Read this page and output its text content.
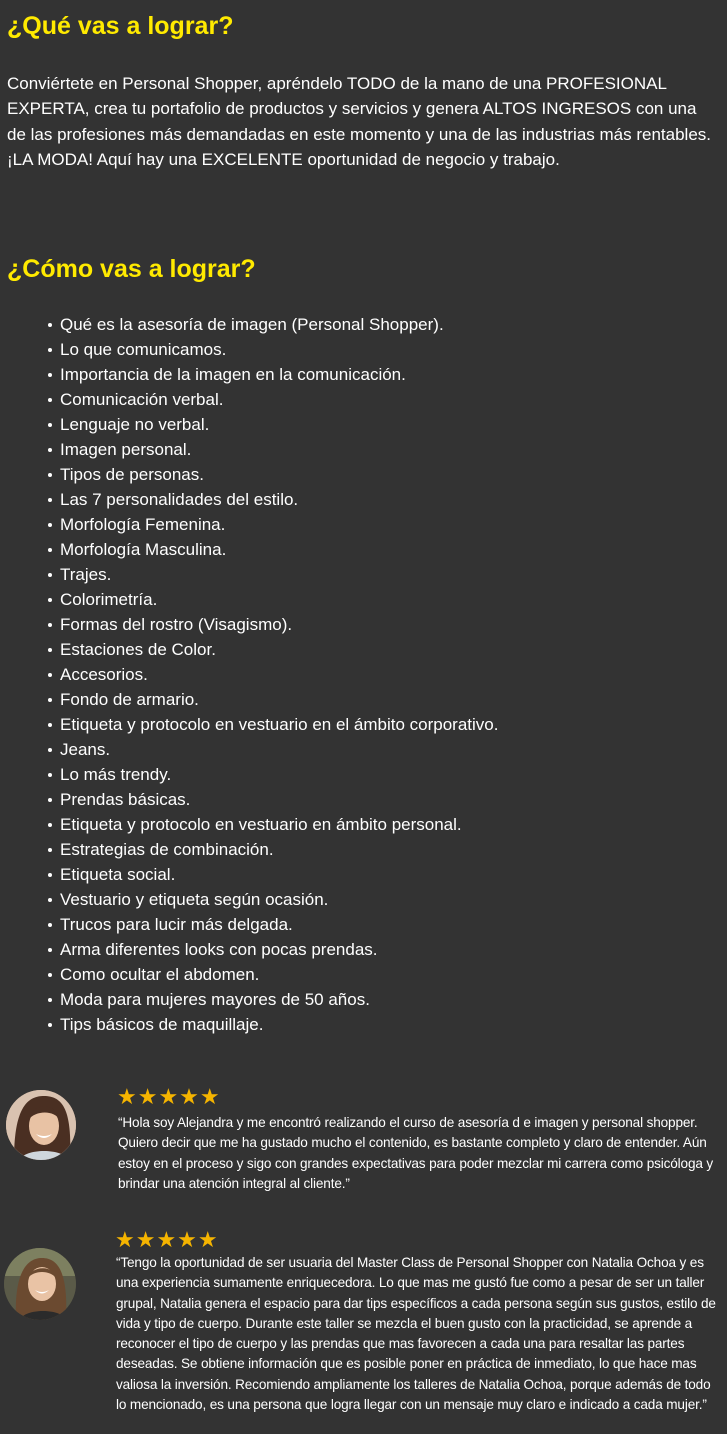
¿Qué vas a lograr?

Conviértete en Personal Shopper, apréndelo TODO de la mano de una PROFESIONAL EXPERTA, crea tu portafolio de productos y servicios y genera ALTOS INGRESOS con una de las profesiones más demandadas en este momento y una de las industrias más rentables. ¡LA MODA! Aquí hay una EXCELENTE oportunidad de negocio y trabajo.

¿Cómo vas a lograr?
Qué es la asesoría de imagen (Personal Shopper).
Lo que comunicamos.
Importancia de la imagen en la comunicación.
Comunicación verbal.
Lenguaje no verbal.
Imagen personal.
Tipos de personas.
Las 7 personalidades del estilo.
Morfología Femenina.
Morfología Masculina.
Trajes.
Colorimetría.
Formas del rostro (Visagismo).
Estaciones de Color.
Accesorios.
Fondo de armario.
Etiqueta y protocolo en vestuario en el ámbito corporativo.
Jeans.
Lo más trendy.
Prendas básicas.
Etiqueta y protocolo en vestuario en ámbito personal.
Estrategias de combinación.
Etiqueta social.
Vestuario y etiqueta según ocasión.
Trucos para lucir más delgada.
Arma diferentes looks con pocas prendas.
Como ocultar el abdomen.
Moda para mujeres mayores de 50 años.
Tips básicos de maquillaje.
★★★★★

“Hola soy Alejandra y me encontró realizando el curso de asesoría d e imagen y personal shopper. Quiero decir que me ha gustado mucho el contenido, es bastante completo y claro de entender. Aún estoy en el proceso y sigo con grandes expectativas para poder mezclar mi carrera como psicóloga y brindar una atención integral al cliente.”

★★★★★

“Tengo la oportunidad de ser usuaria del Master Class de Personal Shopper con Natalia Ochoa y es una experiencia sumamente enriquecedora. Lo que mas me gustó fue como a pesar de ser un taller grupal, Natalia genera el espacio para dar tips específicos a cada persona según sus gustos, estilo de vida y tipo de cuerpo. Durante este taller se mezcla el buen gusto con la practicidad, se aprende a reconocer el tipo de cuerpo y las prendas que mas favorecen a cada una para resaltar las partes deseadas. Se obtiene información que es posible poner en práctica de inmediato, lo que hace mas valiosa la inversión. Recomiendo ampliamente los talleres de Natalia Ochoa, porque además de todo lo mencionado, es una persona que logra llegar con un mensaje muy claro e indicado a cada mujer.”
